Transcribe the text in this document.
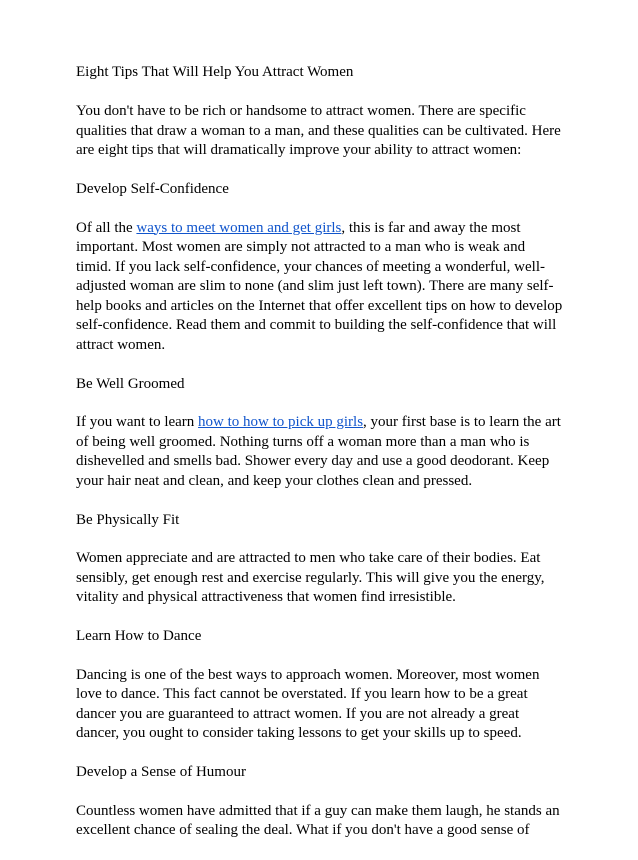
Eight Tips That Will Help You Attract Women

You don't have to be rich or handsome to attract women. There are specific qualities that draw a woman to a man, and these qualities can be cultivated. Here are eight tips that will dramatically improve your ability to attract women:

Develop Self-Confidence

Of all the ways to meet women and get girls, this is far and away the most important. Most women are simply not attracted to a man who is weak and timid. If you lack self-confidence, your chances of meeting a wonderful, well-adjusted woman are slim to none (and slim just left town). There are many self-help books and articles on the Internet that offer excellent tips on how to develop self-confidence. Read them and commit to building the self-confidence that will attract women.

Be Well Groomed

If you want to learn how to how to pick up girls, your first base is to learn the art of being well groomed. Nothing turns off a woman more than a man who is dishevelled and smells bad. Shower every day and use a good deodorant. Keep your hair neat and clean, and keep your clothes clean and pressed.

Be Physically Fit

Women appreciate and are attracted to men who take care of their bodies. Eat sensibly, get enough rest and exercise regularly. This will give you the energy, vitality and physical attractiveness that women find irresistible.

Learn How to Dance

Dancing is one of the best ways to approach women. Moreover, most women love to dance. This fact cannot be overstated. If you learn how to be a great dancer you are guaranteed to attract women. If you are not already a great dancer, you ought to consider taking lessons to get your skills up to speed.

Develop a Sense of Humour

Countless women have admitted that if a guy can make them laugh, he stands an excellent chance of sealing the deal. What if you don't have a good sense of
